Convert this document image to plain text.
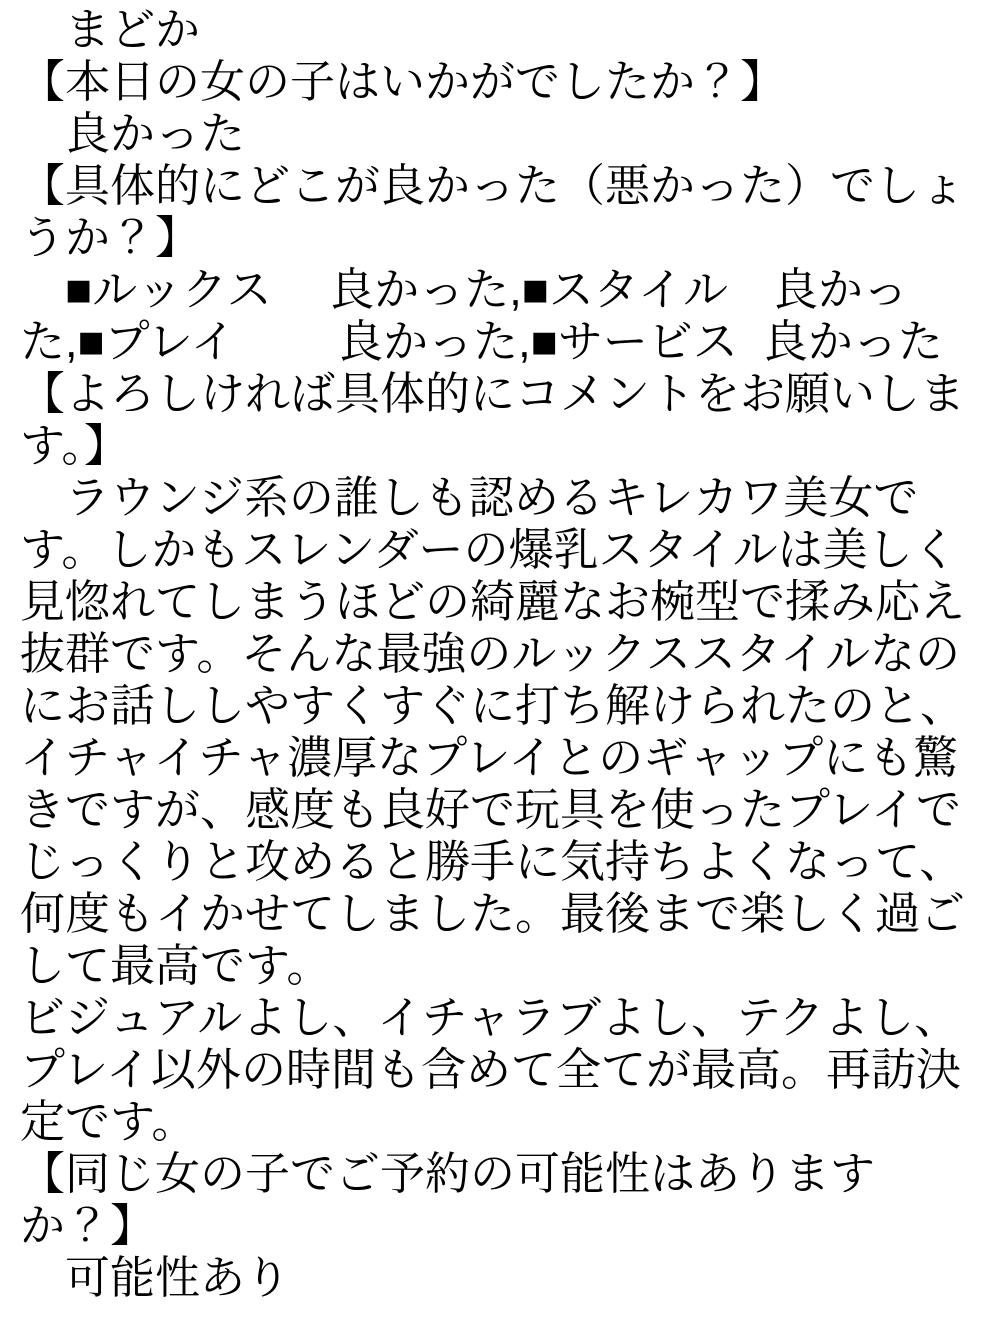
　まどか
【本日の女の子はいかがでしたか？】
　良かった
【具体的にどこが良かった（悪かった）でしょ
うか？】
　■ルックス　 良かった,■スタイル　良かっ
た,■プレイ　　 良かった,■サービス  良かった
【よろしければ具体的にコメントをお願いしま
す。】
　ラウンジ系の誰しも認めるキレカワ美女で
す。しかもスレンダーの爆乳スタイルは美しく
見惚れてしまうほどの綺麗なお椀型で揉み応え
抜群です。そんな最強のルックススタイルなの
にお話ししやすくすぐに打ち解けられたのと、
イチャイチャ濃厚なプレイとのギャップにも驚
きですが、感度も良好で玩具を使ったプレイで
じっくりと攻めると勝手に気持ちよくなって、
何度もイかせてしました。最後まで楽しく過ご
して最高です。
ビジュアルよし、イチャラブよし、テクよし、
プレイ以外の時間も含めて全てが最高。再訪決
定です。
【同じ女の子でご予約の可能性はあります
か？】
　可能性あり
